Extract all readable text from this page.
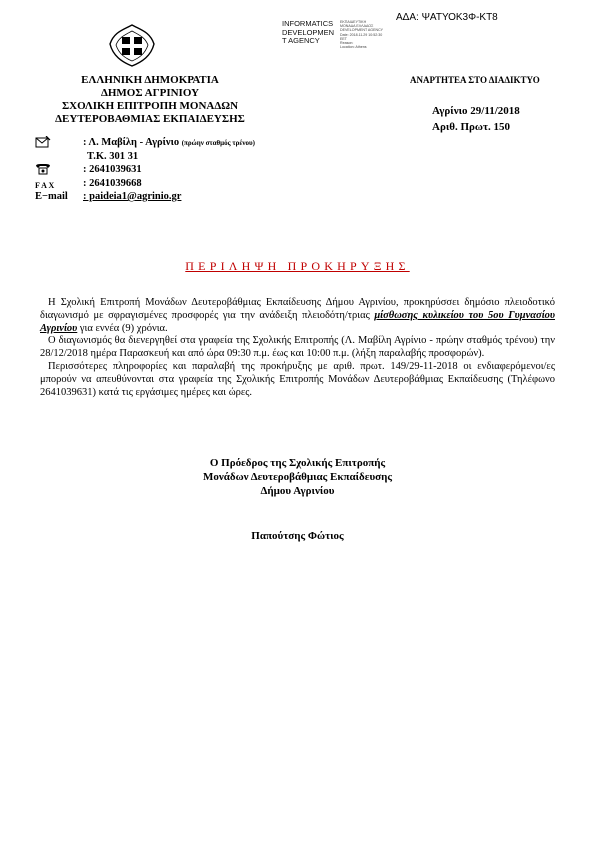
ΑΔΑ: ΨΑΤΥΟΚ3Φ-ΚΤ8
INFORMATICS
DEVELOPMEN
T AGENCY
ΕΚΠΑΙΔΕΥΤΙΚΗ
ΜΟΝΑΔΑ ΕΛΛΑΔΟΣ
DEVELOPMENT AGENCY
Date: 2018.11.29 10:52:30
EET
Reason:
Location: Athens
ΕΛΛΗΝΙΚΗ ΔΗΜΟΚΡΑΤΙΑ
ΔΗΜΟΣ ΑΓΡΙΝΙΟΥ
ΣΧΟΛΙΚΗ ΕΠΙΤΡΟΠΗ ΜΟΝΑΔΩΝ
ΔΕΥΤΕΡΟΒΑΘΜΙΑΣ ΕΚΠΑΙΔΕΥΣΗΣ
ΑΝΑΡΤΗΤΕΑ ΣΤΟ ΔΙΑΔΙΚΤΥΟ
Αγρίνιο 29/11/2018
Αριθ. Πρωτ. 150
: Λ. Μαβίλη - Αγρίνιο (πρώην σταθμός τρένου)
Τ.Κ. 301 31
: 2641039631
F A X	: 2641039668
E−mail	: paideia1@agrinio.gr
ΠΕΡΙΛΗΨΗ ΠΡΟΚΗΡΥΞΗΣ

Η Σχολική Επιτροπή Μονάδων Δευτεροβάθμιας Εκπαίδευσης Δήμου Αγρινίου, προκηρύσσει δημόσιο πλειοδοτικό διαγωνισμό με σφραγισμένες προσφορές για την ανάδειξη πλειοδότη/τριας μίσθωσης κυλικείου του 5ου Γυμνασίου Αγρινίου για εννέα (9) χρόνια.

Ο διαγωνισμός θα διενεργηθεί στα γραφεία της Σχολικής Επιτροπής (Λ. Μαβίλη Αγρίνιο - πρώην σταθμός τρένου) την 28/12/2018 ημέρα Παρασκευή και από ώρα 09:30 π.μ. έως και 10:00 π.μ. (λήξη παραλαβής προσφορών).

Περισσότερες πληροφορίες και παραλαβή της προκήρυξης με αριθ. πρωτ. 149/29-11-2018 οι ενδιαφερόμενοι/ες μπορούν να απευθύνονται στα γραφεία της Σχολικής Επιτροπής Μονάδων Δευτεροβάθμιας Εκπαίδευσης (Τηλέφωνο 2641039631) κατά τις εργάσιμες ημέρες και ώρες.

Ο Πρόεδρος της Σχολικής Επιτροπής
Μονάδων Δευτεροβάθμιας Εκπαίδευσης
Δήμου Αγρινίου
Παπούτσης Φώτιος
